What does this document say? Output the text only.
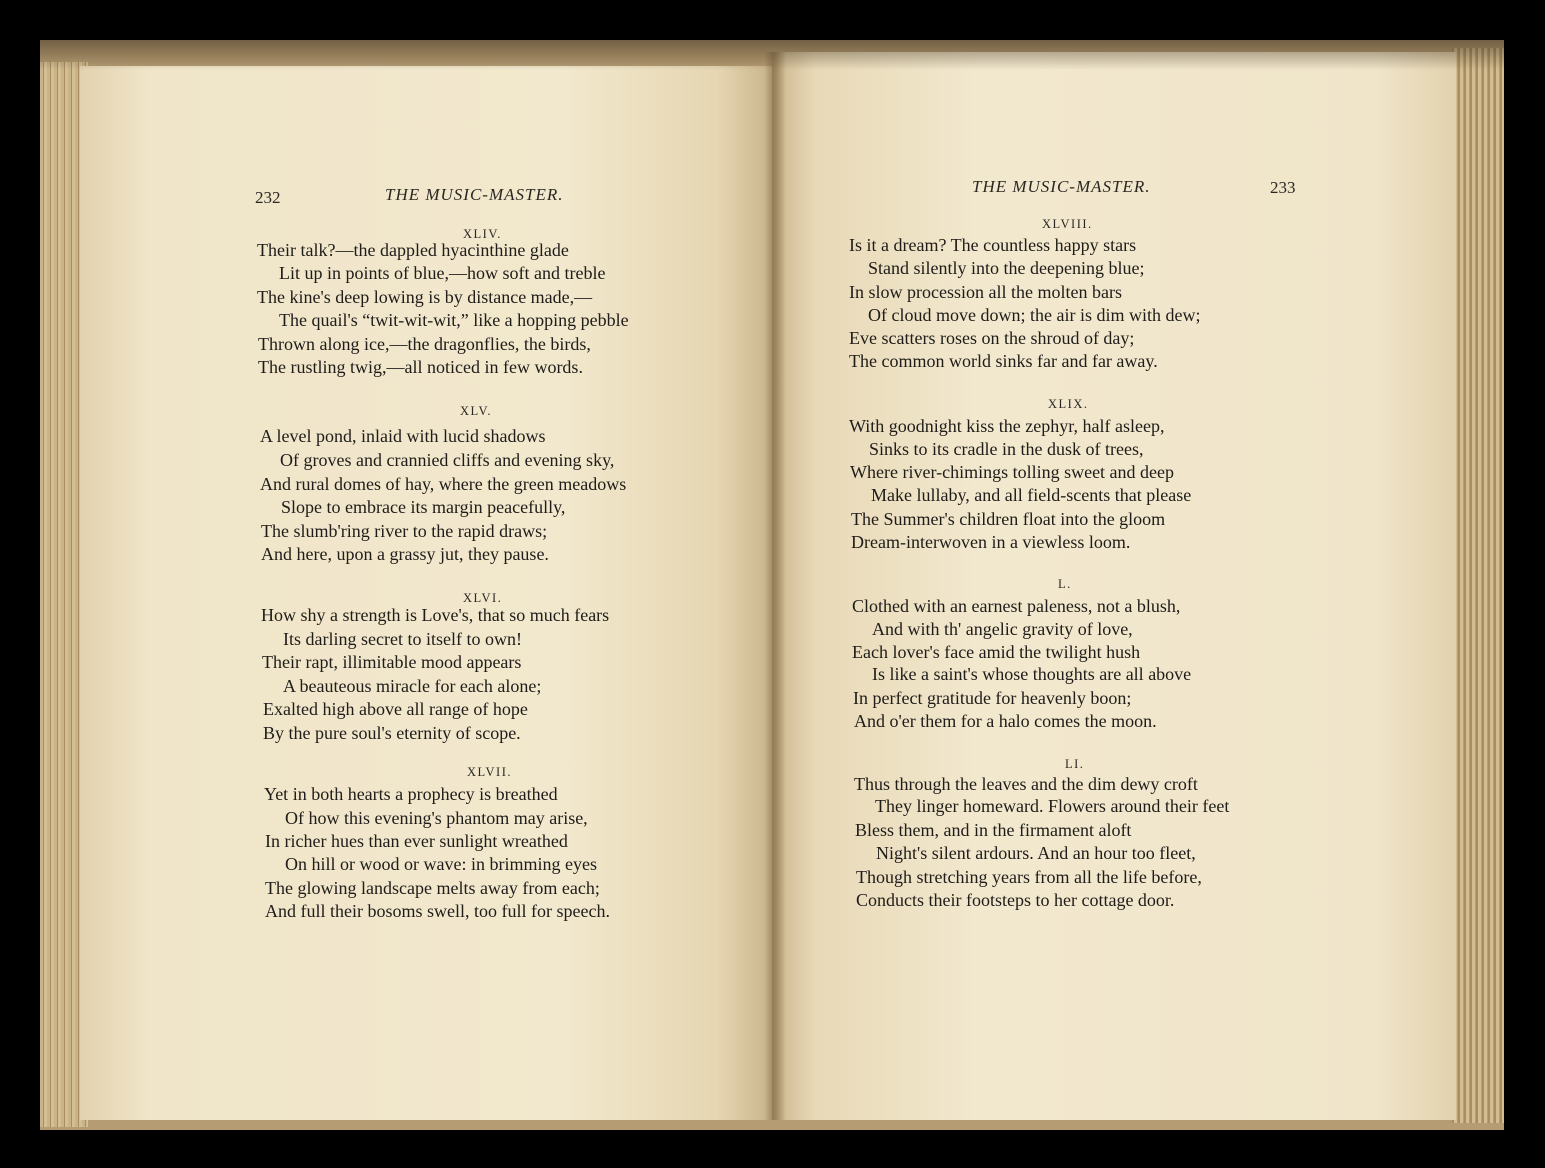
232	THE MUSIC-MASTER.
XLIV.
Their talk?—the dappled hyacinthine glade
Lit up in points of blue,—how soft and treble
The kine's deep lowing is by distance made,—
The quail's “twit-wit-wit,” like a hopping pebble
Thrown along ice,—the dragonflies, the birds,
The rustling twig,—all noticed in few words.
XLV.
A level pond, inlaid with lucid shadows
Of groves and crannied cliffs and evening sky,
And rural domes of hay, where the green meadows
Slope to embrace its margin peacefully,
The slumb'ring river to the rapid draws;
And here, upon a grassy jut, they pause.
XLVI.
How shy a strength is Love's, that so much fears
Its darling secret to itself to own!
Their rapt, illimitable mood appears
A beauteous miracle for each alone;
Exalted high above all range of hope
By the pure soul's eternity of scope.
XLVII.
Yet in both hearts a prophecy is breathed
Of how this evening's phantom may arise,
In richer hues than ever sunlight wreathed
On hill or wood or wave: in brimming eyes
The glowing landscape melts away from each;
And full their bosoms swell, too full for speech.
THE MUSIC-MASTER.	233
XLVIII.
Is it a dream? The countless happy stars
Stand silently into the deepening blue;
In slow procession all the molten bars
Of cloud move down; the air is dim with dew;
Eve scatters roses on the shroud of day;
The common world sinks far and far away.
XLIX.
With goodnight kiss the zephyr, half asleep,
Sinks to its cradle in the dusk of trees,
Where river-chimings tolling sweet and deep
Make lullaby, and all field-scents that please
The Summer's children float into the gloom
Dream-interwoven in a viewless loom.
L.
Clothed with an earnest paleness, not a blush,
And with th' angelic gravity of love,
Each lover's face amid the twilight hush
Is like a saint's whose thoughts are all above
In perfect gratitude for heavenly boon;
And o'er them for a halo comes the moon.
LI.
Thus through the leaves and the dim dewy croft
They linger homeward. Flowers around their feet
Bless them, and in the firmament aloft
Night's silent ardours. And an hour too fleet,
Though stretching years from all the life before,
Conducts their footsteps to her cottage door.
